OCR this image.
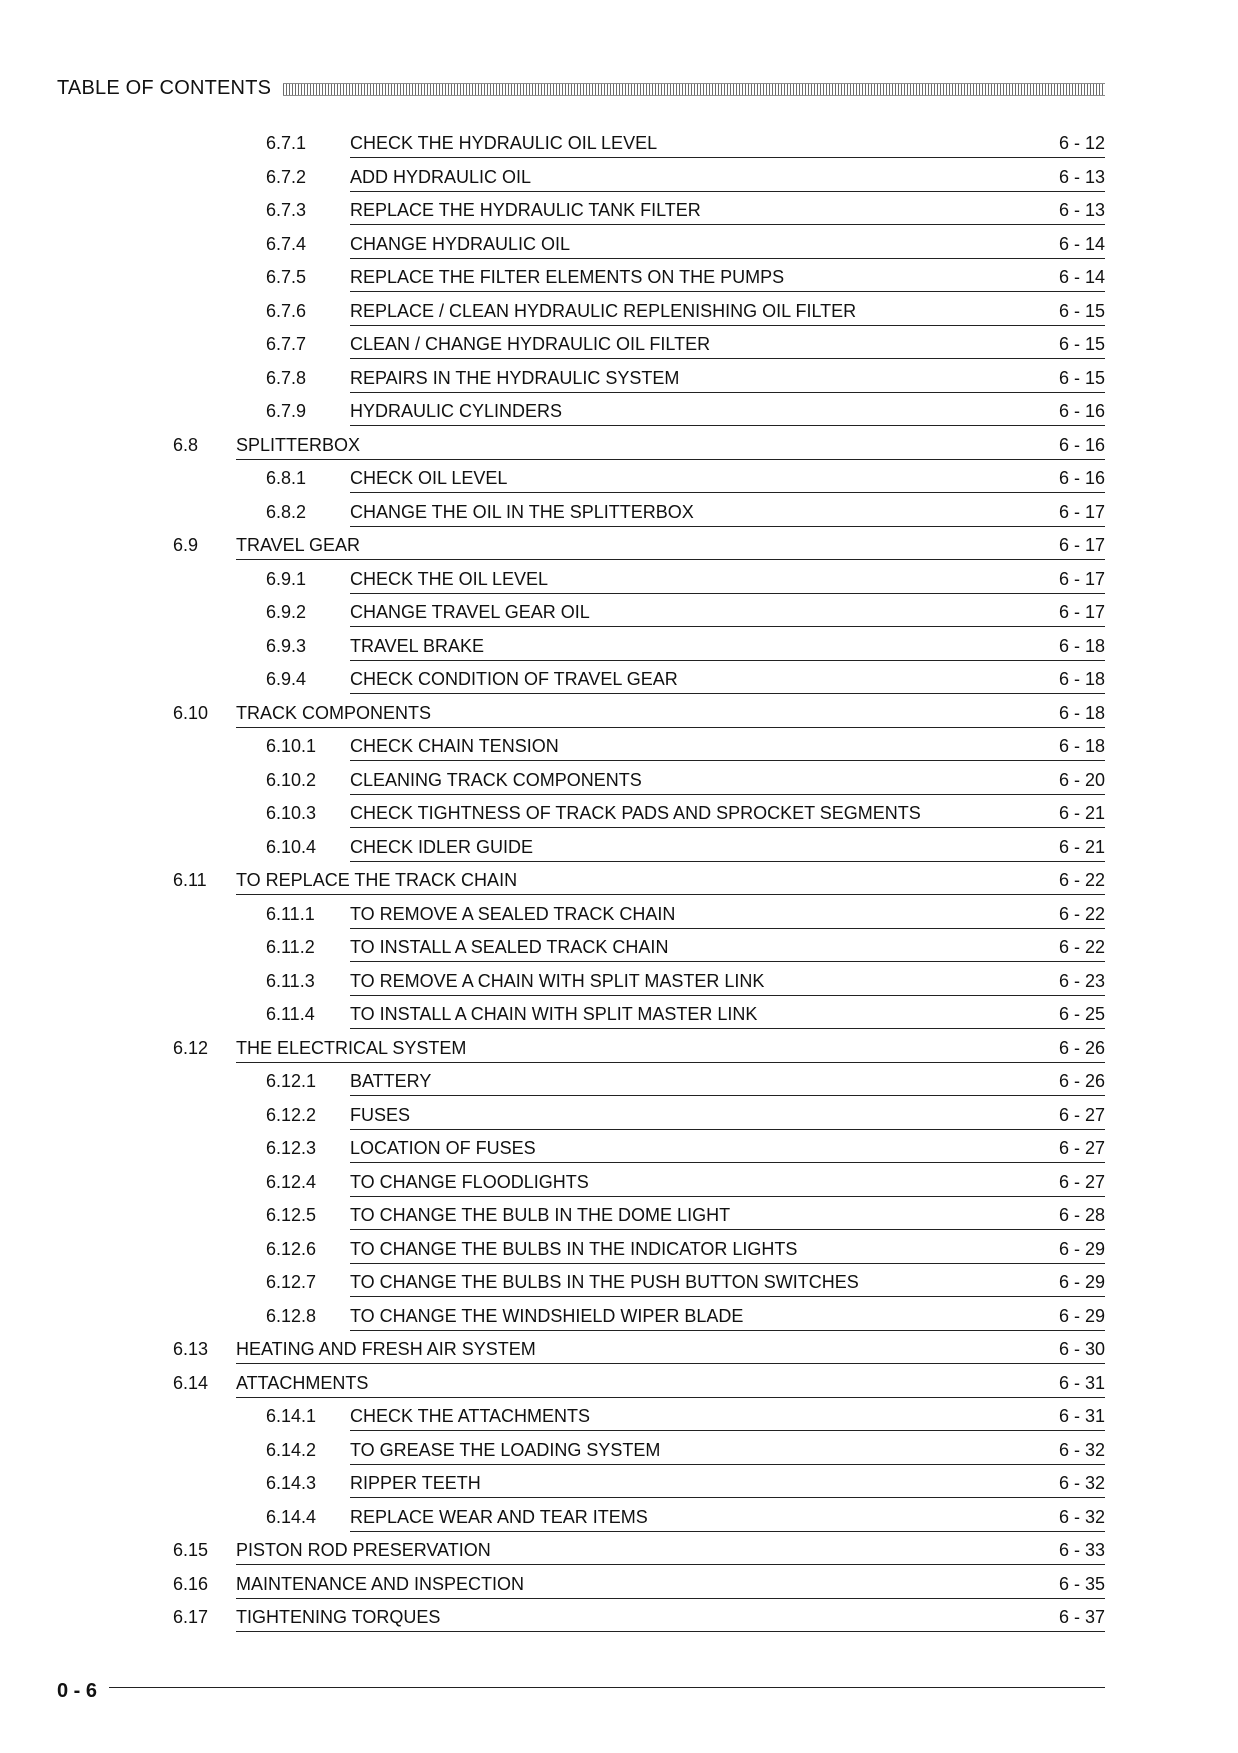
TABLE OF CONTENTS
6.7.1 CHECK THE HYDRAULIC OIL LEVEL	6 - 12
6.7.2 ADD HYDRAULIC OIL	6 - 13
6.7.3 REPLACE THE HYDRAULIC TANK FILTER	6 - 13
6.7.4 CHANGE HYDRAULIC OIL	6 - 14
6.7.5 REPLACE THE FILTER ELEMENTS ON THE PUMPS	6 - 14
6.7.6 REPLACE / CLEAN HYDRAULIC REPLENISHING OIL FILTER	6 - 15
6.7.7 CLEAN / CHANGE HYDRAULIC OIL FILTER	6 - 15
6.7.8 REPAIRS IN THE HYDRAULIC SYSTEM	6 - 15
6.7.9 HYDRAULIC CYLINDERS	6 - 16
6.8 SPLITTERBOX	6 - 16
6.8.1 CHECK OIL LEVEL	6 - 16
6.8.2 CHANGE THE OIL IN THE SPLITTERBOX	6 - 17
6.9 TRAVEL GEAR	6 - 17
6.9.1 CHECK THE OIL LEVEL	6 - 17
6.9.2 CHANGE TRAVEL GEAR OIL	6 - 17
6.9.3 TRAVEL BRAKE	6 - 18
6.9.4 CHECK CONDITION OF TRAVEL GEAR	6 - 18
6.10 TRACK COMPONENTS	6 - 18
6.10.1 CHECK CHAIN TENSION	6 - 18
6.10.2 CLEANING TRACK COMPONENTS	6 - 20
6.10.3 CHECK TIGHTNESS OF TRACK PADS AND SPROCKET SEGMENTS	6 - 21
6.10.4 CHECK IDLER GUIDE	6 - 21
6.11 TO REPLACE THE TRACK CHAIN	6 - 22
6.11.1 TO REMOVE A SEALED TRACK CHAIN	6 - 22
6.11.2 TO INSTALL A SEALED TRACK CHAIN	6 - 22
6.11.3 TO REMOVE A CHAIN WITH SPLIT MASTER LINK	6 - 23
6.11.4 TO INSTALL A CHAIN WITH SPLIT MASTER LINK	6 - 25
6.12 THE ELECTRICAL SYSTEM	6 - 26
6.12.1 BATTERY	6 - 26
6.12.2 FUSES	6 - 27
6.12.3 LOCATION OF FUSES	6 - 27
6.12.4 TO CHANGE FLOODLIGHTS	6 - 27
6.12.5 TO CHANGE THE BULB IN THE DOME LIGHT	6 - 28
6.12.6 TO CHANGE THE BULBS IN THE INDICATOR LIGHTS	6 - 29
6.12.7 TO CHANGE THE BULBS IN THE PUSH BUTTON SWITCHES	6 - 29
6.12.8 TO CHANGE THE WINDSHIELD WIPER BLADE	6 - 29
6.13 HEATING AND FRESH AIR SYSTEM	6 - 30
6.14 ATTACHMENTS	6 - 31
6.14.1 CHECK THE ATTACHMENTS	6 - 31
6.14.2 TO GREASE THE LOADING SYSTEM	6 - 32
6.14.3 RIPPER TEETH	6 - 32
6.14.4 REPLACE WEAR AND TEAR ITEMS	6 - 32
6.15 PISTON ROD PRESERVATION	6 - 33
6.16 MAINTENANCE AND INSPECTION	6 - 35
6.17 TIGHTENING TORQUES	6 - 37
0 - 6
